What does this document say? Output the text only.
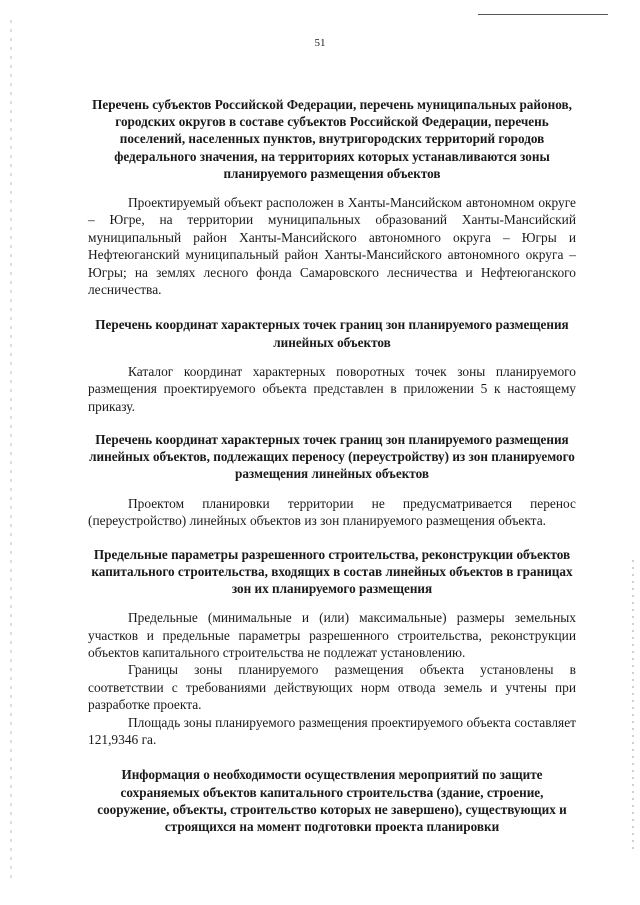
51

Перечень субъектов Российской Федерации, перечень муниципальных районов, городских округов в составе субъектов Российской Федерации, перечень поселений, населенных пунктов, внутригородских территорий городов федерального значения, на территориях которых устанавливаются зоны планируемого размещения объектов

Проектируемый объект расположен в Ханты-Мансийском автономном округе – Югре, на территории муниципальных образований Ханты-Мансийский муниципальный район Ханты-Мансийского автономного округа – Югры и Нефтеюганский муниципальный район Ханты-Мансийского автономного округа – Югры; на землях лесного фонда Самаровского лесничества и Нефтеюганского лесничества.

Перечень координат характерных точек границ зон планируемого размещения линейных объектов

Каталог координат характерных поворотных точек зоны планируемого размещения проектируемого объекта представлен в приложении 5 к настоящему приказу.

Перечень координат характерных точек границ зон планируемого размещения линейных объектов, подлежащих переносу (переустройству) из зон планируемого размещения линейных объектов

Проектом планировки территории не предусматривается перенос (переустройство) линейных объектов из зон планируемого размещения объекта.

Предельные параметры разрешенного строительства, реконструкции объектов капитального строительства, входящих в состав линейных объектов в границах зон их планируемого размещения

Предельные (минимальные и (или) максимальные) размеры земельных участков и предельные параметры разрешенного строительства, реконструкции объектов капитального строительства не подлежат установлению.

Границы зоны планируемого размещения объекта установлены в соответствии с требованиями действующих норм отвода земель и учтены при разработке проекта.

Площадь зоны планируемого размещения проектируемого объекта составляет 121,9346 га.

Информация о необходимости осуществления мероприятий по защите сохраняемых объектов капитального строительства (здание, строение, сооружение, объекты, строительство которых не завершено), существующих и строящихся на момент подготовки проекта планировки
